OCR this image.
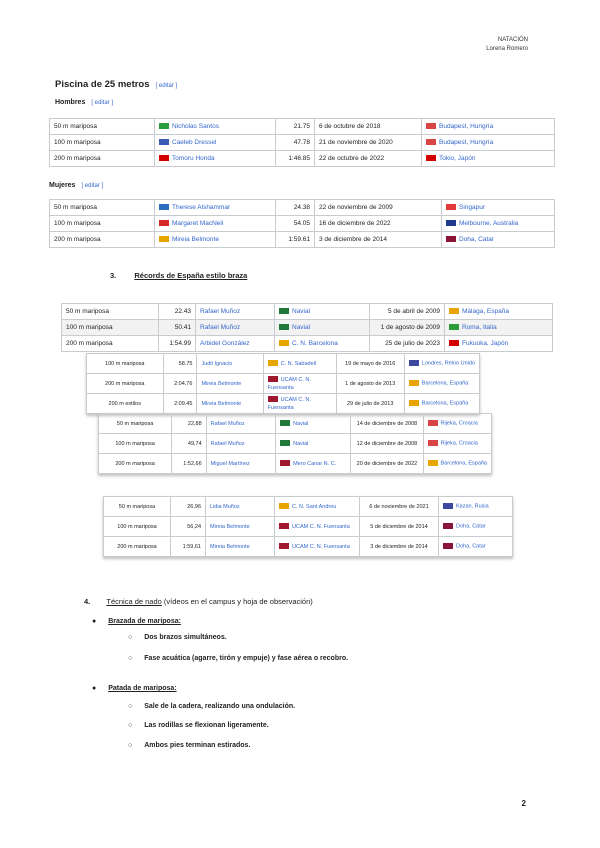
NATACIÓN
Lorena Romero
Piscina de 25 metros [ editar ]
Hombres [ editar ]
50 m mariposa	Nicholas Santos	21.75	6 de octubre de 2018	Budapest, Hungría
100 m mariposa	Caeleb Dressel	47.78	21 de noviembre de 2020	Budapest, Hungría
200 m mariposa	Tomoru Honda	1:46.85	22 de octubre de 2022	Tokio, Japón
Mujeres [ editar ]
50 m mariposa	Therese Alshammar	24.38	22 de noviembre de 2009	Singapur
100 m mariposa	Margaret MacNeil	54.05	16 de diciembre de 2022	Melbourne, Australia
200 m mariposa	Mireia Belmonte	1:59.61	3 de diciembre de 2014	Doha, Catar
3. Récords de España estilo braza
50 m mariposa	22.43	Rafael Muñoz	Navial	5 de abril de 2009	Málaga, España
100 m mariposa	50.41	Rafael Muñoz	Navial	1 de agosto de 2009	Roma, Italia
200 m mariposa	1:54.99	Arbidel González	C. N. Barcelona	25 de julio de 2023	Fukuoka, Japón
100 m mariposa	58.75	Judit Ignacio	C. N. Sabadell	19 de mayo de 2016	Londres, Reino Unido
200 m mariposa	2:04.76	Mireia Belmonte	UCAM C. N. Fuensanta	1 de agosto de 2013	Barcelona, España
200 m estilos	2:09.45	Mireia Belmonte	UCAM C. N. Fuensanta	29 de julio de 2013	Barcelona, España
50 m mariposa	22,88	Rafael Muñoz	Navial	14 de diciembre de 2008	Rijeka, Croacia
100 m mariposa	49,74	Rafael Muñoz	Navial	12 de diciembre de 2008	Rijeka, Croacia
200 m mariposa	1:52,66	Miguel Martínez	Mero Canar N. C.	20 de diciembre de 2022	Barcelona, España
50 m mariposa	26,96	Lidia Muñoz	C. N. Sant Andreu	6 de noviembre de 2021	Kazan, Rusia
100 m mariposa	56,24	Mireia Belmonte	UCAM C. N. Fuensanta	5 de diciembre de 2014	Doha, Catar
200 m mariposa	1:59,61	Mireia Belmonte	UCAM C. N. Fuensanta	3 de diciembre de 2014	Doha, Catar
4. Técnica de nado (vídeos en el campus y hoja de observación)
● Brazada de mariposa:
○ Dos brazos simultáneos.
○ Fase acuática (agarre, tirón y empuje) y fase aérea o recobro.
● Patada de mariposa:
○ Sale de la cadera, realizando una ondulación.
○ Las rodillas se flexionan ligeramente.
○ Ambos pies terminan estirados.
2
